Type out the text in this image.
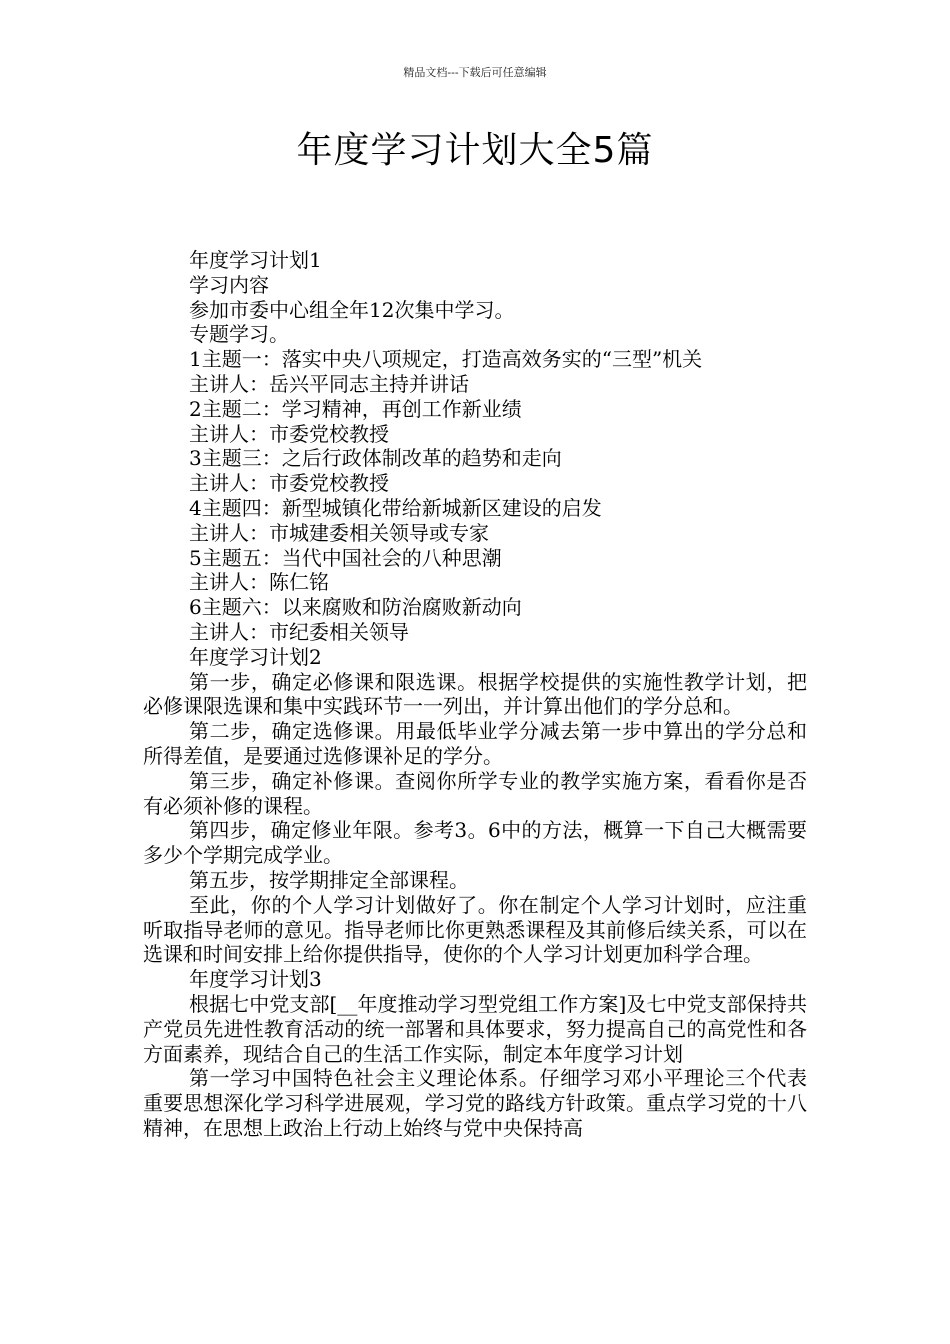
精品文档---下载后可任意编辑
年度学习计划大全5篇

年度学习计划1

学习内容

参加市委中心组全年12次集中学习。

专题学习。

1主题一：落实中央八项规定，打造高效务实的“三型”机关

主讲人：岳兴平同志主持并讲话

2主题二：学习精神，再创工作新业绩

主讲人：市委党校教授

3主题三：之后行政体制改革的趋势和走向

主讲人：市委党校教授

4主题四：新型城镇化带给新城新区建设的启发

主讲人：市城建委相关领导或专家

5主题五：当代中国社会的八种思潮

主讲人：陈仁铭

6主题六：以来腐败和防治腐败新动向

主讲人：市纪委相关领导

年度学习计划2

第一步，确定必修课和限选课。根据学校提供的实施性教学计划，把必修课限选课和集中实践环节一一列出，并计算出他们的学分总和。

第二步，确定选修课。用最低毕业学分减去第一步中算出的学分总和所得差值，是要通过选修课补足的学分。

第三步，确定补修课。查阅你所学专业的教学实施方案，看看你是否有必须补修的课程。

第四步，确定修业年限。参考3。6中的方法，概算一下自己大概需要多少个学期完成学业。

第五步，按学期排定全部课程。

至此，你的个人学习计划做好了。你在制定个人学习计划时，应注重听取指导老师的意见。指导老师比你更熟悉课程及其前修后续关系，可以在选课和时间安排上给你提供指导，使你的个人学习计划更加科学合理。

年度学习计划3

根据七中党支部[__年度推动学习型党组工作方案]及七中党支部保持共产党员先进性教育活动的统一部署和具体要求，努力提高自己的高党性和各方面素养，现结合自己的生活工作实际，制定本年度学习计划

第一学习中国特色社会主义理论体系。仔细学习邓小平理论三个代表重要思想深化学习科学进展观，学习党的路线方针政策。重点学习党的十八精神，在思想上政治上行动上始终与党中央保持高
